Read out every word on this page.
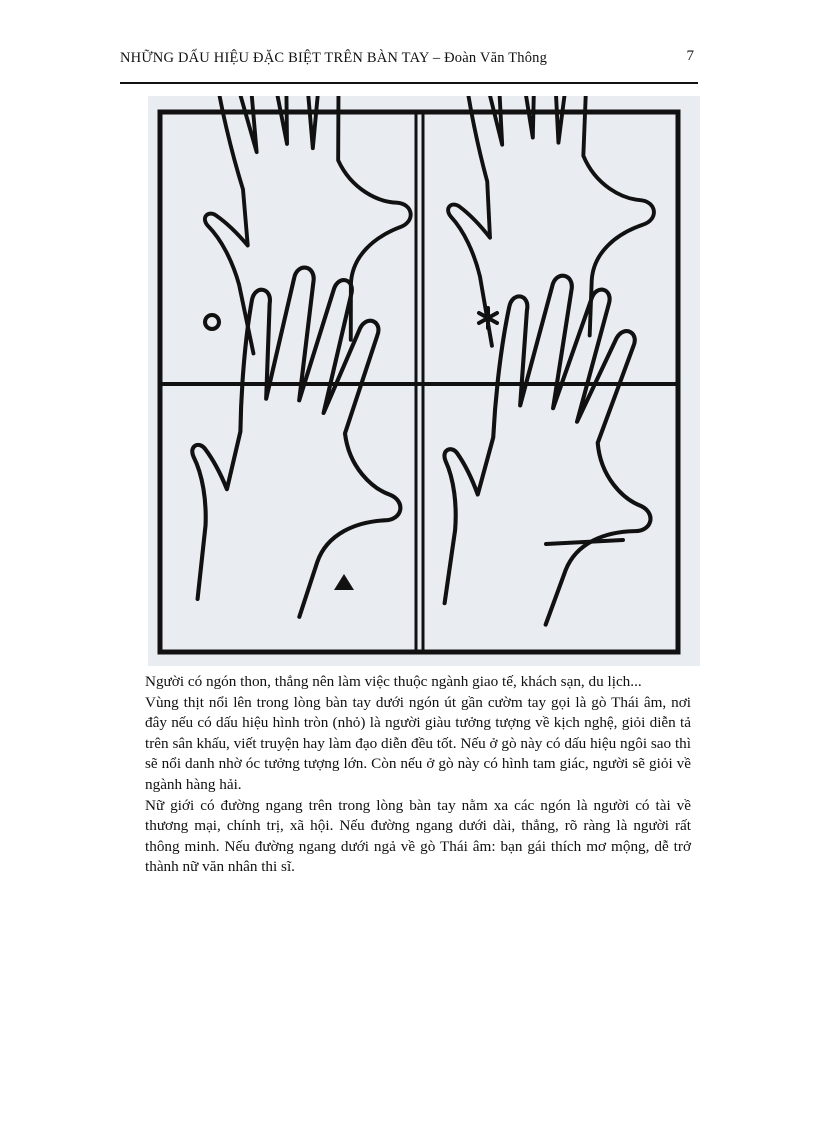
NHỮNG DẤU HIỆU ĐẶC BIỆT TRÊN BÀN TAY – Đoàn Văn Thông	7

Người có ngón thon, thẳng nên làm việc thuộc ngành giao tế, khách sạn, du lịch...

Vùng thịt nổi lên trong lòng bàn tay dưới ngón út gần cườm tay gọi là gò Thái âm, nơi đây nếu có dấu hiệu hình tròn (nhỏ) là người giàu tưởng tượng về kịch nghệ, giỏi diễn tả trên sân khấu, viết truyện hay làm đạo diễn đều tốt. Nếu ở gò này có dấu hiệu ngôi sao thì sẽ nổi danh nhờ óc tưởng tượng lớn. Còn nếu ở gò này có hình tam giác, người sẽ giỏi về ngành hàng hải.

Nữ giới có đường ngang trên trong lòng bàn tay nằm xa các ngón là người có tài về thương mại, chính trị, xã hội. Nếu đường ngang dưới dài, thẳng, rõ ràng là người rất thông minh. Nếu đường ngang dưới ngả về gò Thái âm: bạn gái thích mơ mộng, dễ trở thành nữ văn nhân thi sĩ.
